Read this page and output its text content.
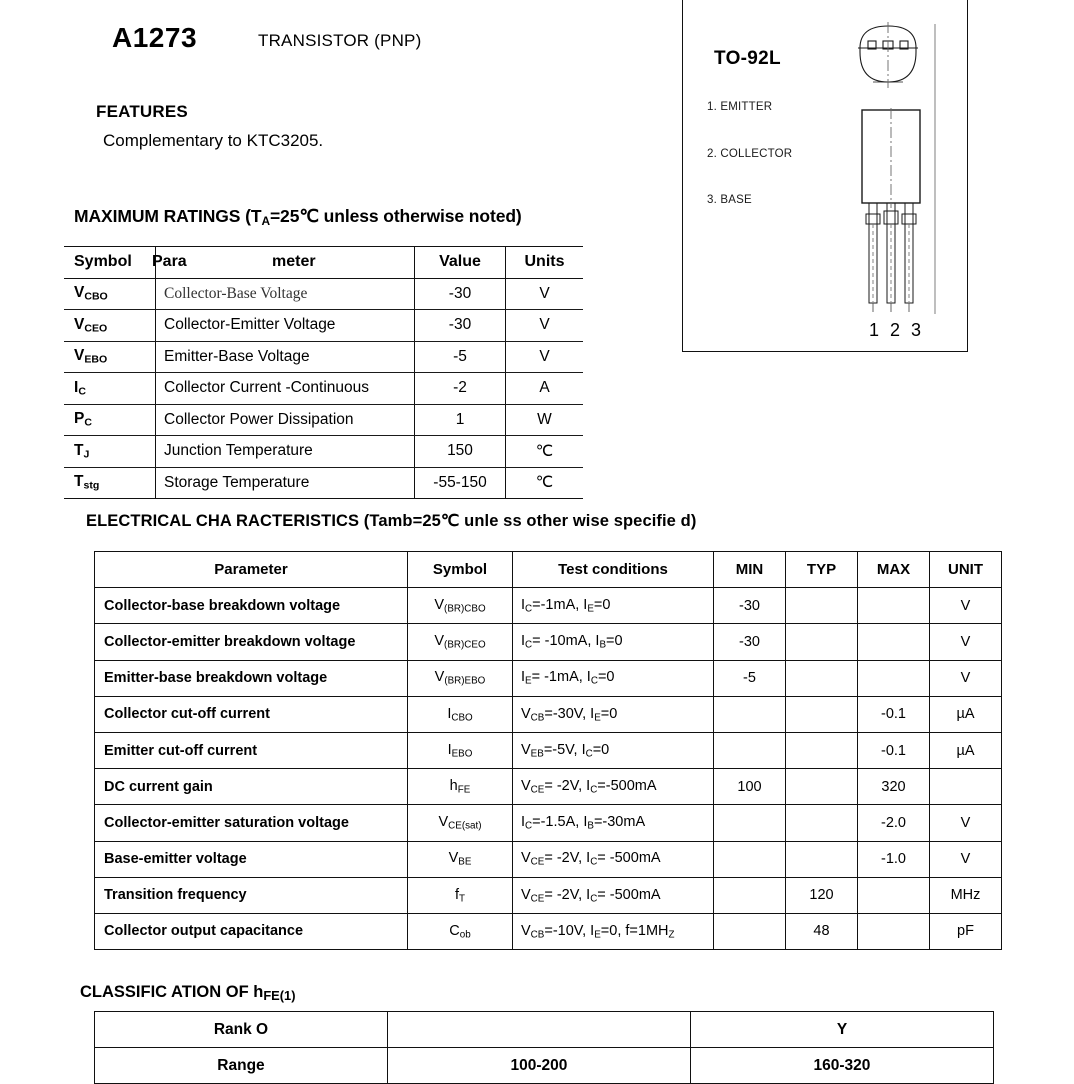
A1273	TRANSISTOR (PNP)
FEATURES
Complementary to KTC3205.
TO-92L
1. EMITTER
2. COLLECTOR
3. BASE
1 2 3
MAXIMUM RATINGS ($T_A=25℃$ unless otherwise noted)
Symbol	Para meter	Value	Units
$V_{CBO}$	Collector-Base Voltage	-30	V
$V_{CEO}$	Collector-Emitter Voltage	-30	V
$V_{EBO}$	Emitter-Base Voltage	-5	V
$I_C$	Collector Current -Continuous	-2	A
$P_C$	Collector Power Dissipation	1	W
$T_J$	Junction Temperature	150	℃
$T_{stg}$	Storage Temperature	-55-150	℃
ELECTRICAL CHA RACTERISTICS (Tamb=25℃ unle ss other wise specifie d)
Parameter	Symbol	Test conditions	MIN	TYP	MAX	UNIT
Collector-base breakdown voltage	$V_{(BR)CBO}$	$I_C=-1mA$, $I_E=0$	-30			V
Collector-emitter breakdown voltage	$V_{(BR)CEO}$	$I_C= -10mA$, $I_B=0$	-30			V
Emitter-base breakdown voltage	$V_{(BR)EBO}$	$I_E= -1mA$, $I_C=0$	-5			V
Collector cut-off current	$I_{CBO}$	$V_{CB}=-30V$, $I_E=0$			-0.1	µA
Emitter cut-off current	$I_{EBO}$	$V_{EB}=-5V$, $I_C=0$			-0.1	µA
DC current gain	$h_{FE}$	$V_{CE}= -2V$, $I_C=-500mA$	100		320	
Collector-emitter saturation voltage	$V_{CE(sat)}$	$I_C=-1.5A$, $I_B=-30mA$			-2.0	V
Base-emitter voltage	$V_{BE}$	$V_{CE}= -2V$, $I_C= -500mA$			-1.0	V
Transition frequency	$f_T$	$V_{CE}= -2V$, $I_C= -500mA$		120		MHz
Collector output capacitance	$C_{ob}$	$V_{CB}=-10V$, $I_E=0$, $f=1MH_Z$		48		pF
CLASSIFIC ATION OF $h_{FE(1)}$
Rank O		Y
Range	100-200	160-320
